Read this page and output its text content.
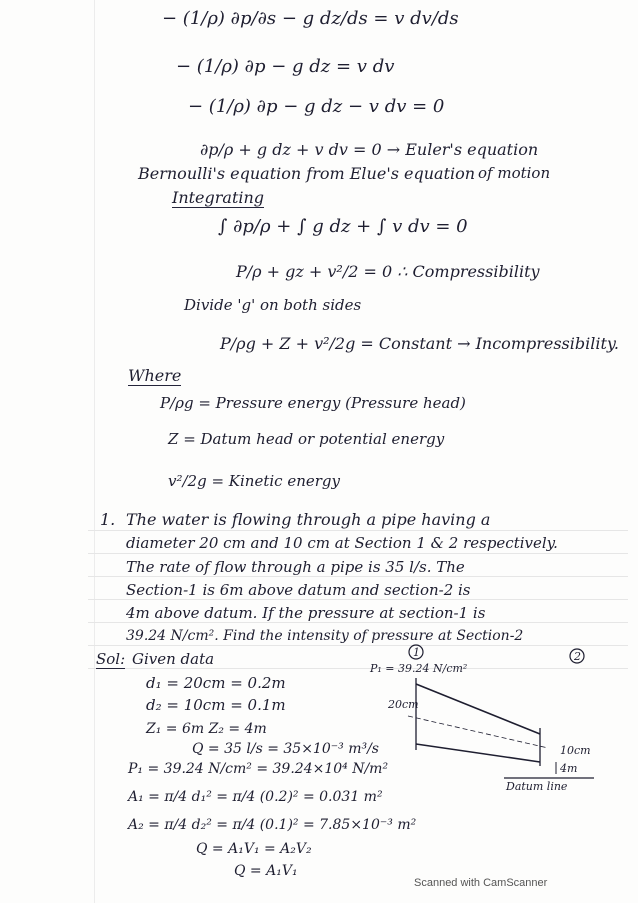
− (1/ρ) ∂p/∂s − g dz/ds = v dv/ds
− (1/ρ) ∂p − g dz = v dv
− (1/ρ) ∂p − g dz − v dv = 0
∂p/ρ + g dz + v dv = 0 → Euler's equation
of motion
Bernoulli's equation from Elue's equation
Integrating
∫ ∂p/ρ + ∫ g dz + ∫ v dv = 0
P/ρ + gz + v²/2 = 0 ∴ Compressibility
Divide 'g' on both sides
P/ρg + Z + v²/2g = Constant → Incompressibility.
Where
P/ρg = Pressure energy (Pressure head)
Z = Datum head or potential energy
v²/2g = Kinetic energy
1. The water is flowing through a pipe having a
diameter 20 cm and 10 cm at Section 1 & 2 respectively.
The rate of flow through a pipe is 35 l/s. The
Section-1 is 6m above datum and section-2 is
4m above datum. If the pressure at section-1 is
39.24 N/cm². Find the intensity of pressure at Section-2
Sol: Given data
d₁ = 20cm = 0.2m
d₂ = 10cm = 0.1m
Z₁ = 6m Z₂ = 4m
Q = 35 l/s = 35×10⁻³ m³/s
P₁ = 39.24 N/cm² = 39.24×10⁴ N/m²
A₁ = π/4 d₁² = π/4 (0.2)² = 0.031 m²
A₂ = π/4 d₂² = π/4 (0.1)² = 7.85×10⁻³ m²
Q = A₁V₁ = A₂V₂
Q = A₁V₁
1	2
P₁ = 39.24 N/cm²
20cm
10cm
4m
Datum line
Scanned with CamScanner
